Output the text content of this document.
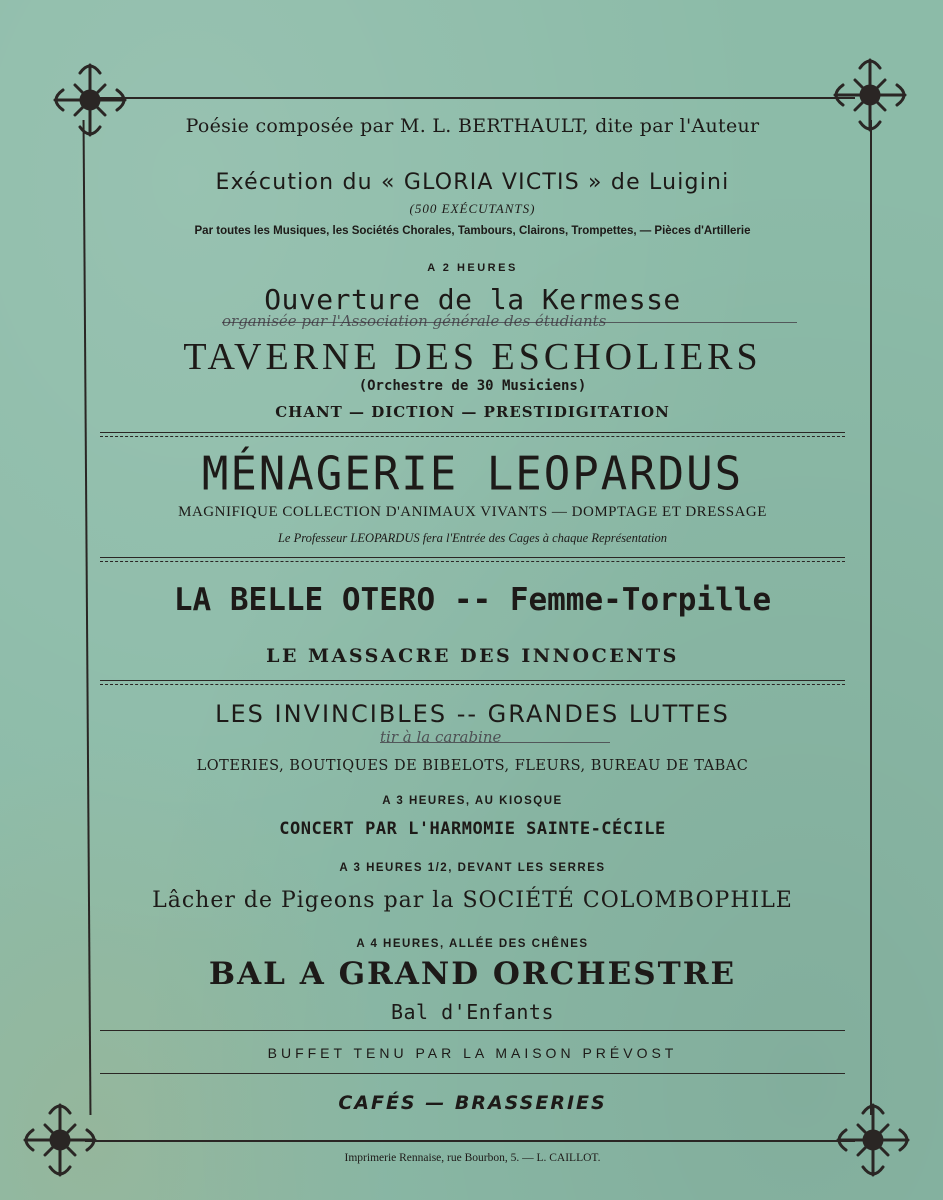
Poésie composée par M. L. BERTHAULT, dite par l'Auteur
Exécution du « GLORIA VICTIS » de Luigini
(500 EXÉCUTANTS)
Par toutes les Musiques, les Sociétés Chorales, Tambours, Clairons, Trompettes, — Pièces d'Artillerie
A 2 HEURES
Ouverture de la Kermesse
organisée par l'Association générale des étudiants
TAVERNE DES ESCHOLIERS
(Orchestre de 30 Musiciens)
CHANT — DICTION — PRESTIDIGITATION
MÉNAGERIE LEOPARDUS
MAGNIFIQUE COLLECTION D'ANIMAUX VIVANTS — DOMPTAGE ET DRESSAGE
Le Professeur LEOPARDUS fera l'Entrée des Cages à chaque Représentation
LA BELLE OTERO -- Femme-Torpille
LE MASSACRE DES INNOCENTS
LES INVINCIBLES -- GRANDES LUTTES
tir à la carabine
LOTERIES, BOUTIQUES DE BIBELOTS, FLEURS, BUREAU DE TABAC
A 3 HEURES, AU KIOSQUE
CONCERT PAR L'HARMOMIE SAINTE-CÉCILE
A 3 HEURES 1/2, DEVANT LES SERRES
Lâcher de Pigeons par la SOCIÉTÉ COLOMBOPHILE
A 4 HEURES, ALLÉE DES CHÊNES
BAL A GRAND ORCHESTRE
Bal d'Enfants
BUFFET TENU PAR LA MAISON PRÉVOST
CAFÉS — BRASSERIES
Imprimerie Rennaise, rue Bourbon, 5. — L. CAILLOT.
